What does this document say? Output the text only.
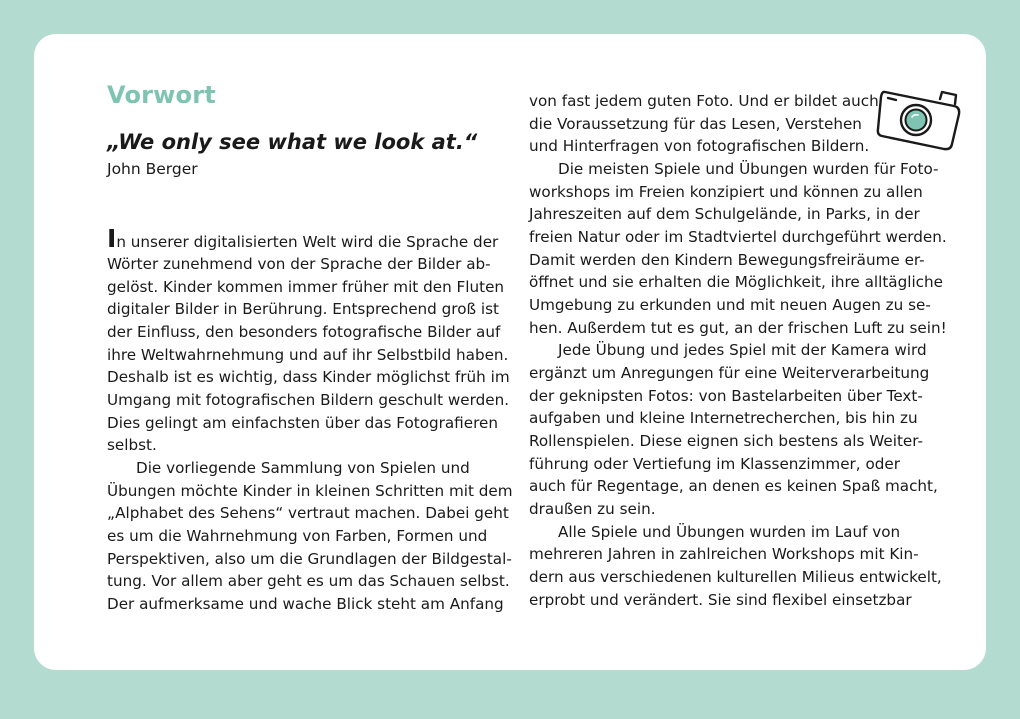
Vorwort

„We only see what we look at.“

John Berger

In unserer digitalisierten Welt wird die Sprache der
Wörter zunehmend von der Sprache der Bilder ab-
gelöst. Kinder kommen immer früher mit den Fluten
digitaler Bilder in Berührung. Entsprechend groß ist
der Einfluss, den besonders fotografische Bilder auf
ihre Weltwahrnehmung und auf ihr Selbstbild haben.
Deshalb ist es wichtig, dass Kinder möglichst früh im
Umgang mit fotografischen Bildern geschult werden.
Dies gelingt am einfachsten über das Fotografieren
selbst.
Die vorliegende Sammlung von Spielen und
Übungen möchte Kinder in kleinen Schritten mit dem
„Alphabet des Sehens“ vertraut machen. Dabei geht
es um die Wahrnehmung von Farben, Formen und
Perspektiven, also um die Grundlagen der Bildgestal-
tung. Vor allem aber geht es um das Schauen selbst.
Der aufmerksame und wache Blick steht am Anfang
von fast jedem guten Foto. Und er bildet auch
die Voraussetzung für das Lesen, Verstehen
und Hinterfragen von fotografischen Bildern.
Die meisten Spiele und Übungen wurden für Foto-
workshops im Freien konzipiert und können zu allen
Jahreszeiten auf dem Schulgelände, in Parks, in der
freien Natur oder im Stadtviertel durchgeführt werden.
Damit werden den Kindern Bewegungsfreiräume er-
öffnet und sie erhalten die Möglichkeit, ihre alltägliche
Umgebung zu erkunden und mit neuen Augen zu se-
hen. Außerdem tut es gut, an der frischen Luft zu sein!
Jede Übung und jedes Spiel mit der Kamera wird
ergänzt um Anregungen für eine Weiterverarbeitung
der geknipsten Fotos: von Bastelarbeiten über Text-
aufgaben und kleine Internetrecherchen, bis hin zu
Rollenspielen. Diese eignen sich bestens als Weiter-
führung oder Vertiefung im Klassenzimmer, oder
auch für Regentage, an denen es keinen Spaß macht,
draußen zu sein.
Alle Spiele und Übungen wurden im Lauf von
mehreren Jahren in zahlreichen Workshops mit Kin-
dern aus verschiedenen kulturellen Milieus entwickelt,
erprobt und verändert. Sie sind flexibel einsetzbar
